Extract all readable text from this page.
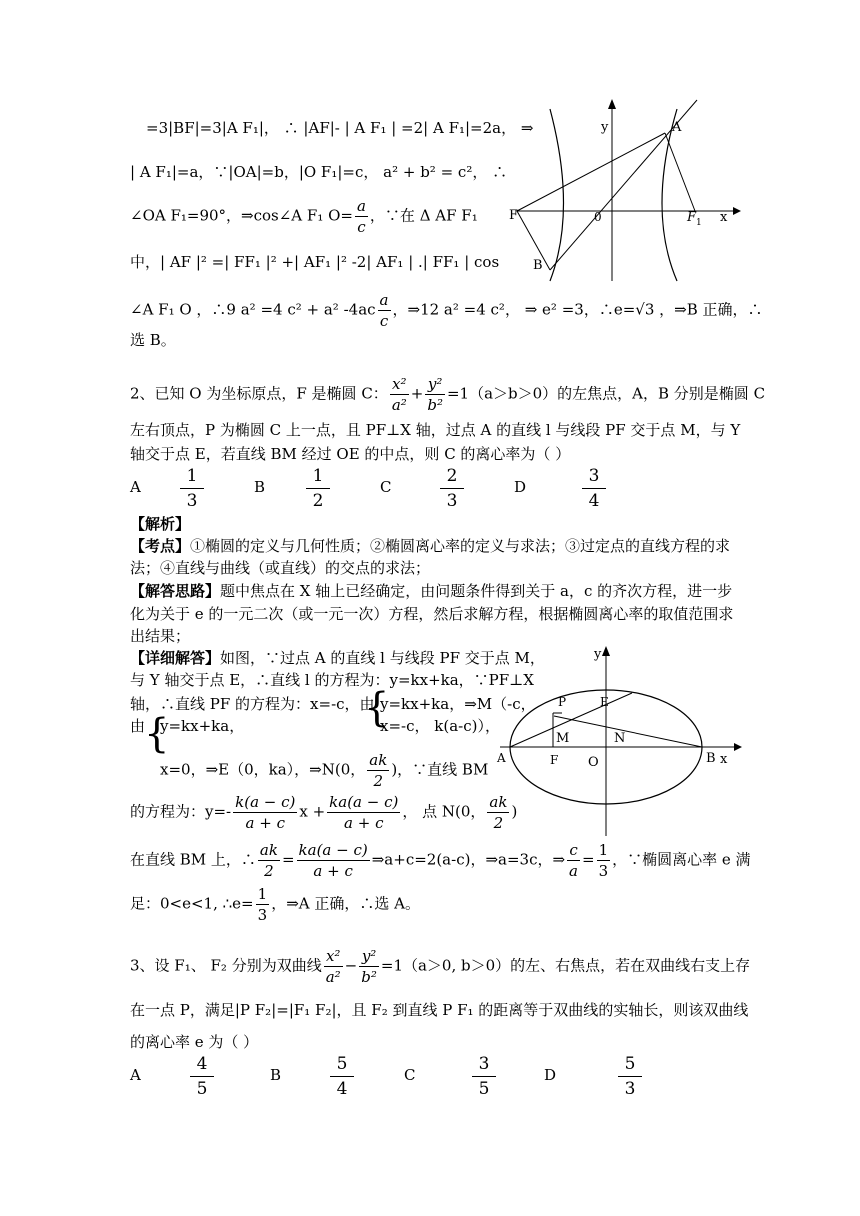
=3|BF|=3|A F₁|， ∴ |AF|- | A F₁ | =2| A F₁|=2a， ⇒
| A F₁|=a，∵|OA|=b，|O F₁|=c， a² + b² = c²， ∴
∠OA F₁=90°，⇒cos∠A F₁ $O= \frac{a}{c}$ ，∵在 Δ AF F₁
中，| AF |² =| FF₁ |² +| AF₁ |² -2| AF₁ | .| FF₁ | cos
∠A F₁ O ，∴9 a² =4 c² + a² $-4ac \frac{a}{c}$ ，⇒12 a² =4 c²， ⇒ e² =3，∴e=√3 ，⇒B 正确，∴
选 B。
y	A
F	0	F 1 x
B
2、已知 O 为坐标原点，F 是椭圆 C： $\frac{\text{x²}}{\text{a²}} + \frac{\text{y²}}{\text{b²}} =1(a>b>0)$的左焦点，A，B 分别是椭圆 C
左右顶点，P 为椭圆 C 上一点，且 PF⊥X 轴，过点 A 的直线 l 与线段 PF 交于点 M，与 Y
轴交于点 E，若直线 BM 经过 OE 的中点，则 C 的离心率为（ ）
A
1
3
B
1
2
C
2
3
D
3
4
【解析】
【考点】①椭圆的定义与几何性质；②椭圆离心率的定义与求法；③过定点的直线方程的求
法；④直线与曲线（或直线）的交点的求法；
【解答思路】题中焦点在 X 轴上已经确定，由问题条件得到关于 a，c 的齐次方程，进一步
化为关于 e 的一元二次（或一元一次）方程，然后求解方程，根据椭圆离心率的取值范围求
出结果；
【详细解答】如图，∵过点 A 的直线 l 与线段 PF 交于点 M，
与 Y 轴交于点 E，∴直线 l 的方程为：y=kx+ka，∵PF⊥X
轴，∴直线 PF 的方程为：x=-c，由
{
y=kx+ka，⇒M（-c，
由
{
y=kx+ka，	x=-c， k(a-c)），
x=0，⇒E（0，ka），⇒N(0， $\frac{ak}{2}$ )，∵直线 BM
的方程为：$y=- \frac{k(a - c)}{a + c}$ $x + \frac{ka(a - c)}{a + c}$ ， 点 N(0， $\frac{ak}{2}$ )
在直线 BM 上，∴ $\frac{ak}{2} = \frac{ka(a - c)}{a + c}$ ⇒a+c=2(a-c)，⇒a=3c，⇒ $\frac{c}{a} = \frac{1}{3}$ ，∵椭圆离心率 e 满
足：0<e<1, ∴e= $\frac{1}{3}$ ，⇒A 正确，∴选 A。
y
P	E
M	N
A	F O	B x
3、设 F₁、 F₂ 分别为双曲线 $\frac{\text{x²}}{\text{a²}} - \frac{\text{y²}}{\text{b²}} =1(a>0$, b＞0）的左、右焦点，若在双曲线右支上存
在一点 P，满足|P F₂|=|F₁ F₂|，且 F₂ 到直线 P F₁ 的距离等于双曲线的实轴长，则该双曲线
的离心率 e 为（ ）
A
4
5
B
5
4
C
3
5
D
5
3
